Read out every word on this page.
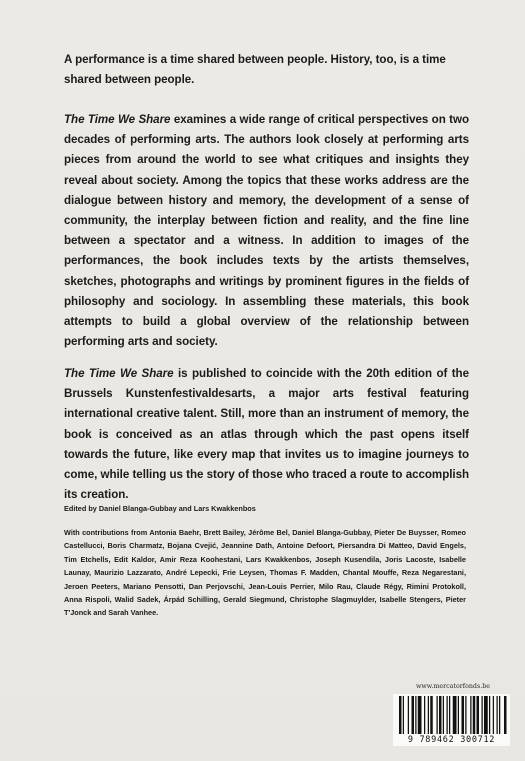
A performance is a time shared between people. History, too, is a time shared between people.
The Time We Share examines a wide range of critical perspectives on two decades of performing arts. The authors look closely at performing arts pieces from around the world to see what critiques and insights they reveal about society. Among the topics that these works address are the dialogue between history and memory, the development of a sense of community, the interplay between fiction and reality, and the fine line between a spectator and a witness. In addition to images of the performances, the book includes texts by the artists themselves, sketches, photographs and writings by prominent figures in the fields of philosophy and sociology. In assembling these materials, this book attempts to build a global overview of the relationship between performing arts and society.
The Time We Share is published to coincide with the 20th edition of the Brussels Kunstenfestivaldesarts, a major arts festival featuring international creative talent. Still, more than an instrument of memory, the book is conceived as an atlas through which the past opens itself towards the future, like every map that invites us to imagine journeys to come, while telling us the story of those who traced a route to accomplish its creation.
Edited by Daniel Blanga-Gubbay and Lars Kwakkenbos
With contributions from Antonia Baehr, Brett Bailey, Jérôme Bel, Daniel Blanga-Gubbay, Pieter De Buysser, Romeo Castellucci, Boris Charmatz, Bojana Cvejić, Jeannine Dath, Antoine Defoort, Piersandra Di Matteo, David Engels, Tim Etchells, Edit Kaldor, Amir Reza Koohestani, Lars Kwakkenbos, Joseph Kusendila, Joris Lacoste, Isabelle Launay, Maurizio Lazzarato, André Lepecki, Frie Leysen, Thomas F. Madden, Chantal Mouffe, Reza Negarestani, Jeroen Peeters, Mariano Pensotti, Dan Perjovschi, Jean-Louis Perrier, Milo Rau, Claude Régy, Rimini Protokoll, Anna Rispoli, Walid Sadek, Árpád Schilling, Gerald Siegmund, Christophe Slagmuylder, Isabelle Stengers, Pieter T'Jonck and Sarah Vanhee.
www.mercatorfonds.be
9 789462 300712
